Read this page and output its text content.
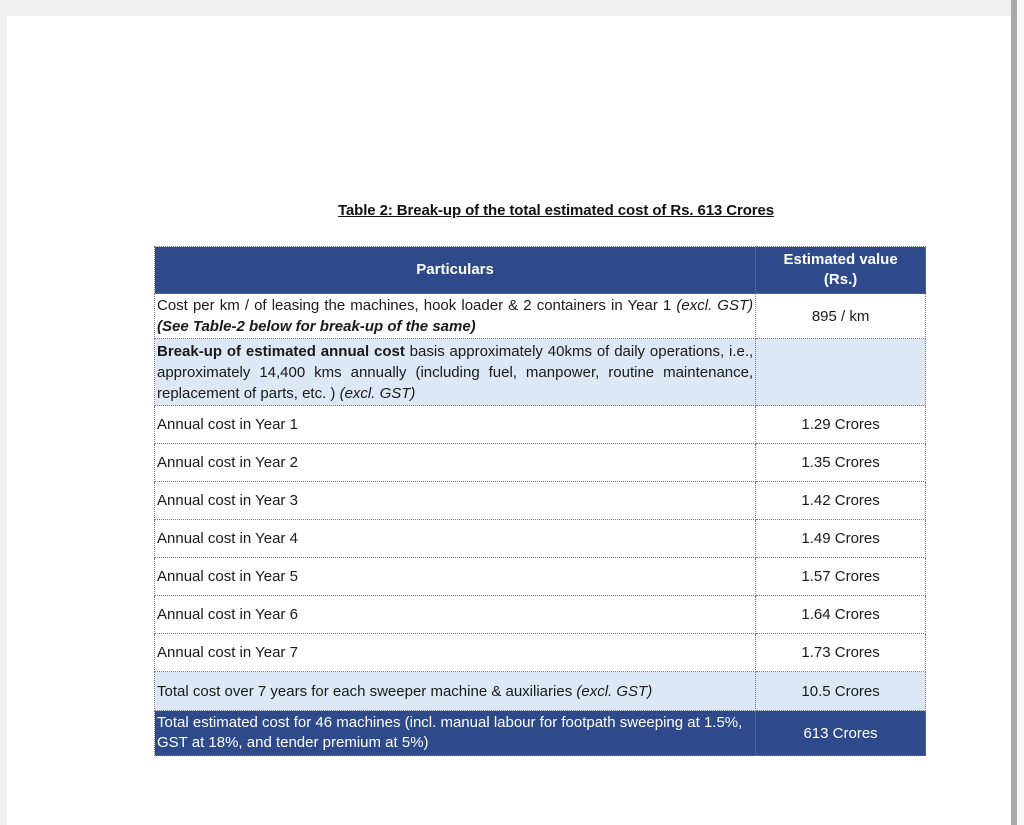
Table 2: Break-up of the total estimated cost of Rs. 613 Crores
Particulars	Estimated value
(Rs.)
Cost per km / of leasing the machines, hook loader & 2 containers in Year 1 (excl. GST) (See Table-2 below for break-up of the same)	895 / km
Break-up of estimated annual cost basis approximately 40kms of daily operations, i.e., approximately 14,400 kms annually (including fuel, manpower, routine maintenance, replacement of parts, etc. ) (excl. GST)	
Annual cost in Year 1	1.29 Crores
Annual cost in Year 2	1.35 Crores
Annual cost in Year 3	1.42 Crores
Annual cost in Year 4	1.49 Crores
Annual cost in Year 5	1.57 Crores
Annual cost in Year 6	1.64 Crores
Annual cost in Year 7	1.73 Crores
Total cost over 7 years for each sweeper machine & auxiliaries (excl. GST)	10.5 Crores
Total estimated cost for 46 machines (incl. manual labour for footpath sweeping at 1.5%, GST at 18%, and tender premium at 5%)	613 Crores
